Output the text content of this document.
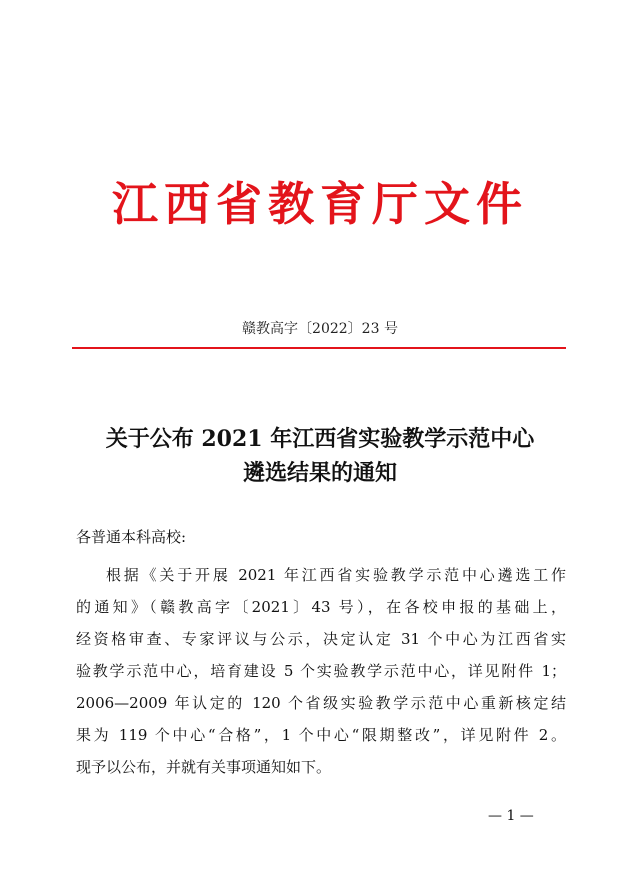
江西省教育厅文件
赣教高字〔2022〕23 号
关于公布 2021 年江西省实验教学示范中心
遴选结果的通知
各普通本科高校:
根据《关于开展 2021 年江西省实验教学示范中心遴选工作
的通知》（赣教高字〔2021〕43 号），在各校申报的基础上，
经资格审查、专家评议与公示，决定认定 31 个中心为江西省实
验教学示范中心，培育建设 5 个实验教学示范中心，详见附件 1；
2006—2009 年认定的 120 个省级实验教学示范中心重新核定结
果为 119 个中心“合格”，1 个中心“限期整改”，详见附件 2。
现予以公布，并就有关事项通知如下。
— 1 —
